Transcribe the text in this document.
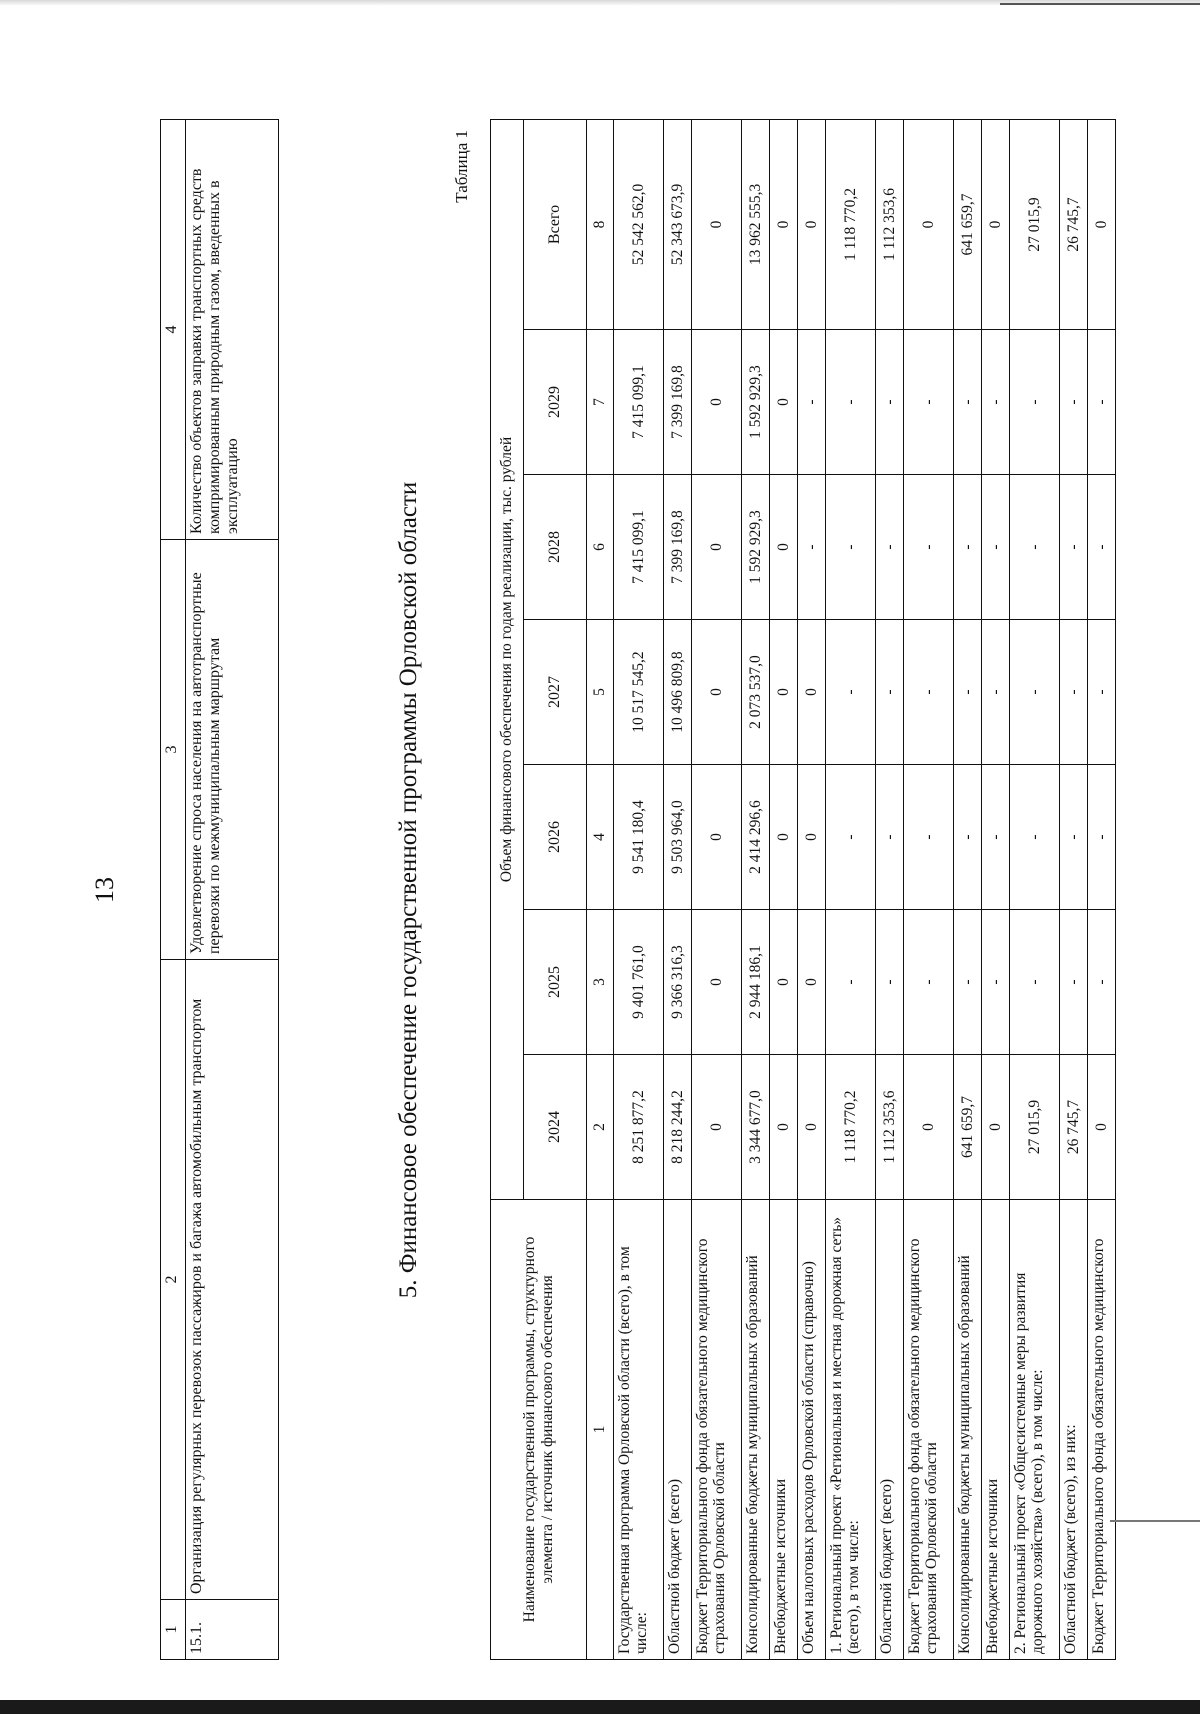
13
1	2	3	4
15.1.	Организация регулярных перевозок пассажиров и багажа автомобильным транспортом	Удовлетворение спроса населения на автотранспортные перевозки по межмуниципальным маршрутам	Количество объектов заправки транспортных средств компримированным природным газом, введенных в эксплуатацию	5. Финансовое обеспечение государственной программы Орловской области
Таблица 1
Наименование государственной программы, структурного элемента / источник финансового обеспечения	Объем финансового обеспечения по годам реализации, тыс. рублей						
	2024	2025	2026	2027	2028	2029	Всего
1	2	3	4	5	6	7	8
Государственная программа Орловской области (всего), в том числе:	8 251 877,2	9 401 761,0	9 541 180,4	10 517 545,2	7 415 099,1	7 415 099,1	52 542 562,0
Областной бюджет (всего)	8 218 244,2	9 366 316,3	9 503 964,0	10 496 809,8	7 399 169,8	7 399 169,8	52 343 673,9
Бюджет Территориального фонда обязательного медицинского страхования Орловской области	0	0	0	0	0	0	0
Консолидированные бюджеты муниципальных образований	3 344 677,0	2 944 186,1	2 414 296,6	2 073 537,0	1 592 929,3	1 592 929,3	13 962 555,3
Внебюджетные источники	0	0	0	0	0	0	0
Объем налоговых расходов Орловской области (справочно)	0	0	0	0	-	-	0
1. Региональный проект «Региональная и местная дорожная сеть» (всего), в том числе:	1 118 770,2	-	-	-	-	-	1 118 770,2
Областной бюджет (всего)	1 112 353,6	-	-	-	-	-	1 112 353,6
Бюджет Территориального фонда обязательного медицинского страхования Орловской области	0	-	-	-	-	-	0
Консолидированные бюджеты муниципальных образований	641 659,7	-	-	-	-	-	641 659,7
Внебюджетные источники	0	-	-	-	-	-	0
2. Региональный проект «Общесистемные меры развития дорожного хозяйства» (всего), в том числе:	27 015,9	-	-	-	-	-	27 015,9
Областной бюджет (всего), из них:	26 745,7	-	-	-	-	-	26 745,7
Бюджет Территориального фонда обязательного медицинского	0	-	-	-	-	-	0
